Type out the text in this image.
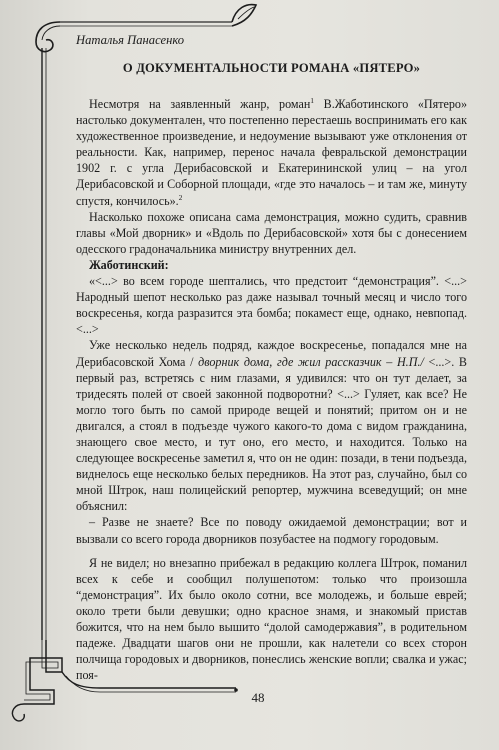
Наталья Панасенко
О ДОКУМЕНТАЛЬНОСТИ РОМАНА «ПЯТЕРО»

Несмотря на заявленный жанр, роман$^1$ В.Жаботинского «Пятеро» настолько документален, что постепенно перестаешь воспринимать его как художественное произведение, и недоумение вызывают уже отклонения от реальности. Как, например, перенос начала февральской демонстрации 1902 г. с угла Дерибасовской и Екатерининской улиц – на угол Дерибасовской и Соборной площади, «где это началось – и там же, минуту спустя, кончилось».$^2$

Насколько похоже описана сама демонстрация, можно судить, сравнив главы «Мой дворник» и «Вдоль по Дерибасовской» хотя бы с донесением одесского градоначальника министру внутренних дел.

Жаботинский:

«<...> во всем городе шептались, что предстоит “демонстрация”. <...> Народный шепот несколько раз даже называл точный месяц и число того воскресенья, когда разразится эта бомба; покамест еще, однако, невпопад. <...>

Уже несколько недель подряд, каждое воскресенье, попадался мне на Дерибасовской Хома / дворник дома, где жил рассказчик – Н.П./ <...>. В первый раз, встретясь с ним глазами, я удивился: что он тут делает, за тридесять полей от своей законной подворотни? <...> Гуляет, как все? Не могло того быть по самой природе вещей и понятий; притом он и не двигался, а стоял в подъезде чужого какого-то дома с видом гражданина, знающего свое место, и тут оно, его место, и находится. Только на следующее воскресенье заметил я, что он не один: позади, в тени подъезда, виднелось еще несколько белых передников. На этот раз, случайно, был со мной Штрок, наш полицейский репортер, мужчина всеведущий; он мне объяснил:

– Разве не знаете? Все по поводу ожидаемой демонстрации; вот и вызвали со всего города дворников позубастее на подмогу городовым.

Я не видел; но внезапно прибежал в редакцию коллега Штрок, поманил всех к себе и сообщил полушепотом: только что произошла “демонстрация”. Их было около сотни, все молодежь, и больше еврей; около трети были девушки; одно красное знамя, и знакомый пристав божится, что на нем было вышито “долой самодержавия”, в родительном падеже. Двадцати шагов они не прошли, как налетели со всех сторон полчища городовых и дворников, понеслись женские вопли; свалка и ужас; поя-

48
